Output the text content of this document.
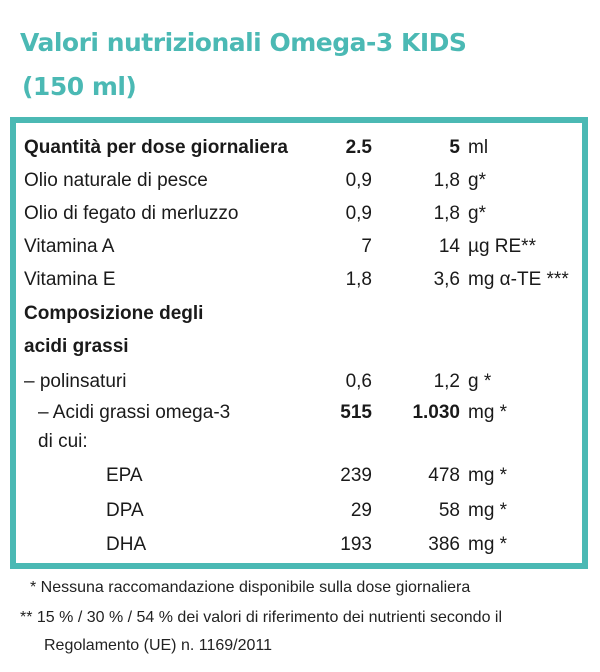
Valori nutrizionali Omega-3 KIDS
(150 ml)
Quantità per dose giornaliera	2.5	5 ml
Olio naturale di pesce	0,9	1,8 g*
Olio di fegato di merluzzo	0,9	1,8 g*
Vitamina A	7	14 µg RE**
Vitamina E	1,8	3,6 mg α-TE ***
Composizione degli
acidi grassi
– polinsaturi	0,6	1,2 g *
– Acidi grassi omega-3	515	1.030 mg *
di cui:
EPA	239	478 mg *
DPA	29	58 mg *
DHA	193	386 mg *
* Nessuna raccomandazione disponibile sulla dose giornaliera
** 15 % / 30 % / 54 % dei valori di riferimento dei nutrienti secondo il
Regolamento (UE) n. 1169/2011
